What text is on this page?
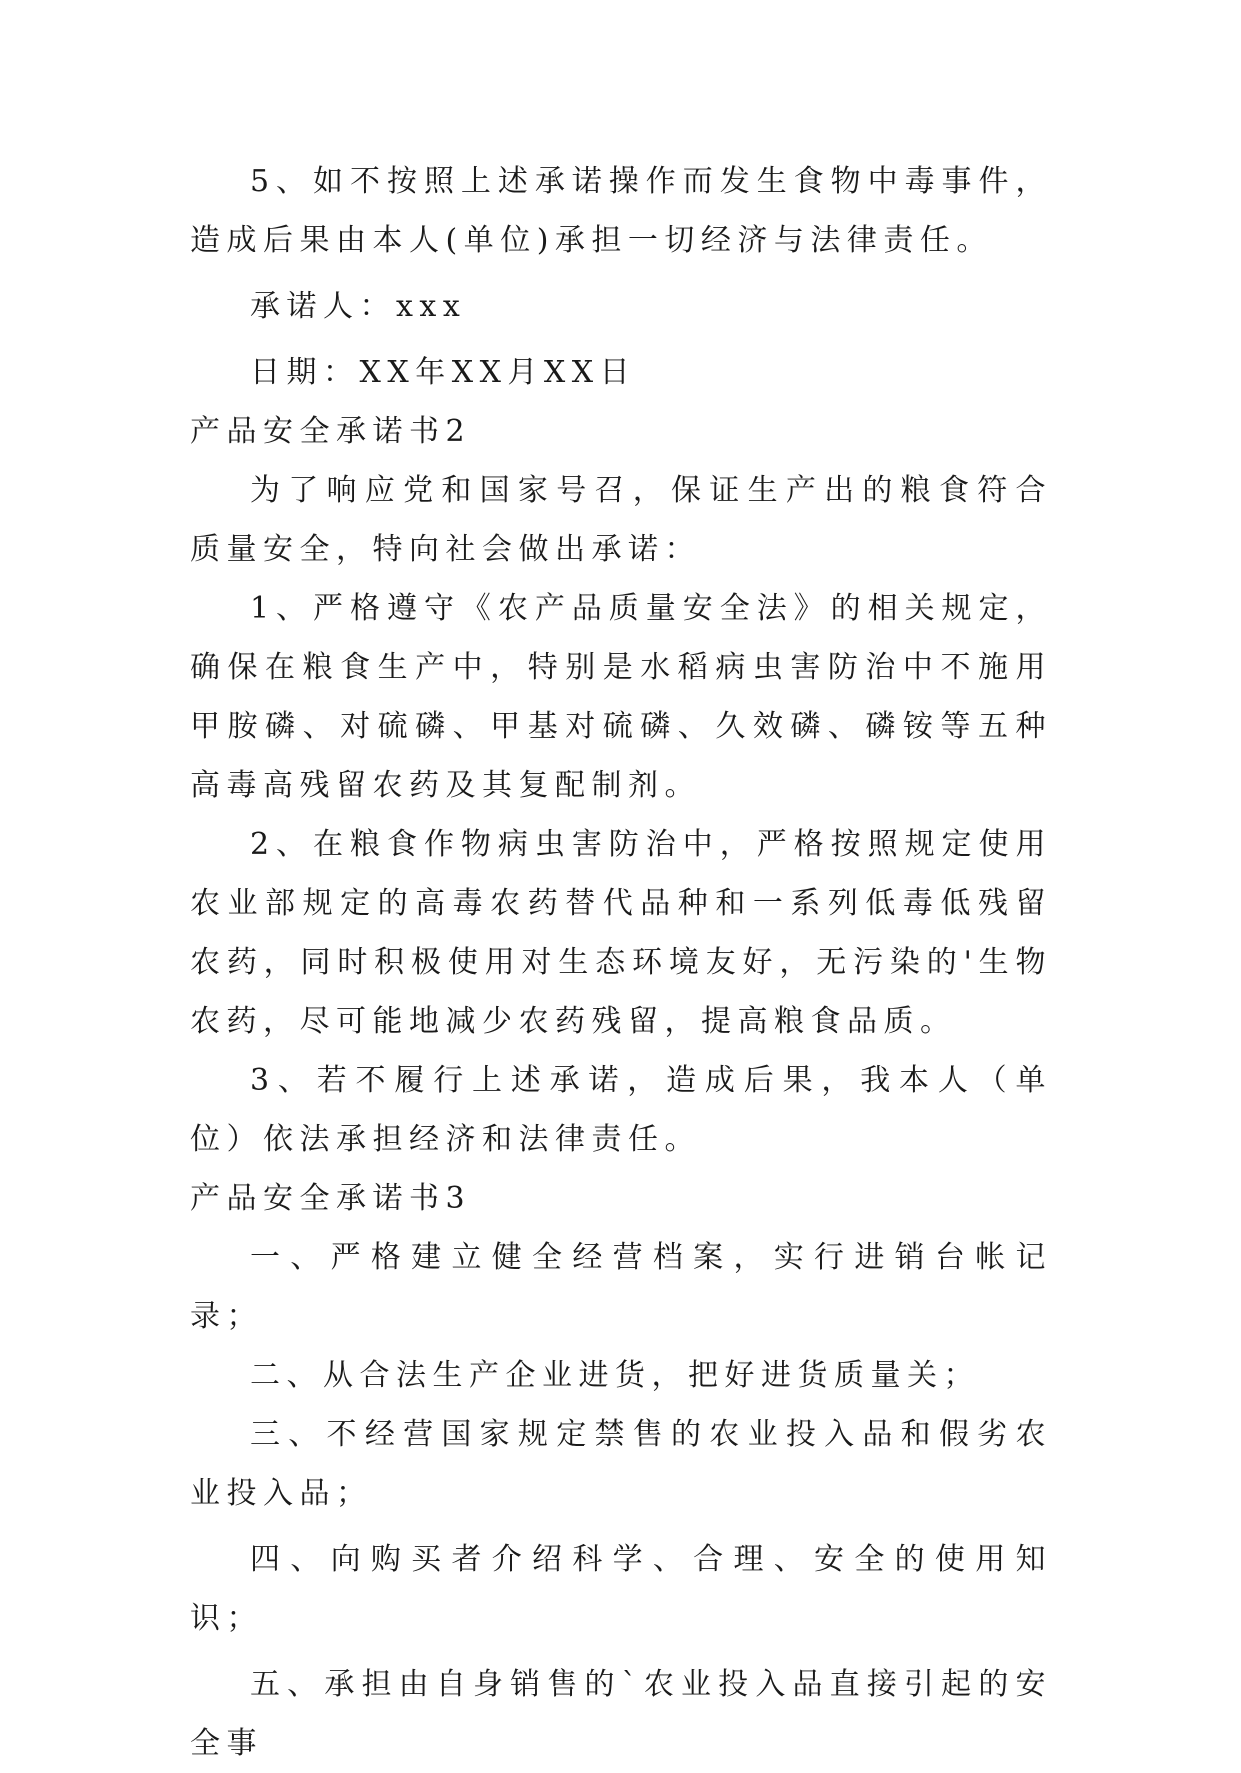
5、如不按照上述承诺操作而发生食物中毒事件，造成后果由本人(单位)承担一切经济与法律责任。

承诺人：xxx

日期：XX年XX月XX日

产品安全承诺书2

为了响应党和国家号召，保证生产出的粮食符合质量安全，特向社会做出承诺：

1、严格遵守《农产品质量安全法》的相关规定，确保在粮食生产中，特别是水稻病虫害防治中不施用甲胺磷、对硫磷、甲基对硫磷、久效磷、磷铵等五种高毒高残留农药及其复配制剂。

2、在粮食作物病虫害防治中，严格按照规定使用农业部规定的高毒农药替代品种和一系列低毒低残留农药，同时积极使用对生态环境友好，无污染的'生物农药，尽可能地减少农药残留，提高粮食品质。

3、若不履行上述承诺，造成后果，我本人（单位）依法承担经济和法律责任。

产品安全承诺书3

一、严格建立健全经营档案，实行进销台帐记录；

二、从合法生产企业进货，把好进货质量关；

三、不经营国家规定禁售的农业投入品和假劣农业投入品；

四、向购买者介绍科学、合理、安全的使用知识；

五、承担由自身销售的`农业投入品直接引起的安全事
